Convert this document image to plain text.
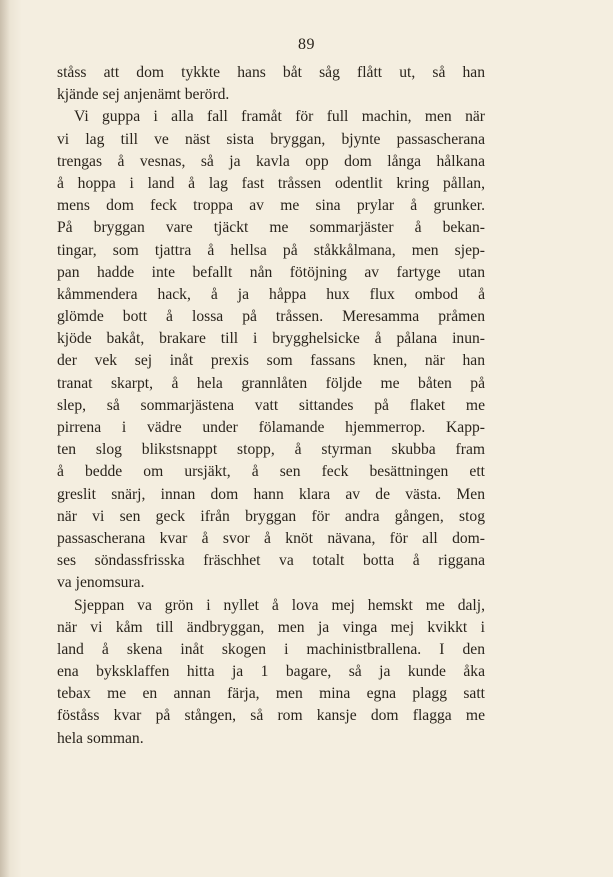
89
ståss att dom tykkte hans båt såg flått ut, så han
kjände sej anjenämt berörd.
Vi guppa i alla fall framåt för full machin, men när
vi lag till ve näst sista bryggan, bjynte passascherana
trengas å vesnas, så ja kavla opp dom långa hålkana
å hoppa i land å lag fast tråssen odentlit kring pållan,
mens dom feck troppa av me sina prylar å grunker.
På bryggan vare tjäckt me sommarjäster å bekan-
tingar, som tjattra å hellsa på ståkkålmana, men sjep-
pan hadde inte befallt nån fötöjning av fartyge utan
kåmmendera hack, å ja håppa hux flux ombod å
glömde bott å lossa på tråssen. Meresamma pråmen
kjöde bakåt, brakare till i brygghelsicke å pålana inun-
der vek sej inåt prexis som fassans knen, när han
tranat skarpt, å hela grannlåten följde me båten på
slep, så sommarjästena vatt sittandes på flaket me
pirrena i vädre under fölamande hjemmerrop. Kapp-
ten slog blikstsnappt stopp, å styrman skubba fram
å bedde om ursjäkt, å sen feck besättningen ett
greslit snärj, innan dom hann klara av de västa. Men
när vi sen geck ifrån bryggan för andra gången, stog
passascherana kvar å svor å knöt nävana, för all dom-
ses söndassfrisska fräschhet va totalt botta å riggana
va jenomsura.
Sjeppan va grön i nyllet å lova mej hemskt me dalj,
när vi kåm till ändbryggan, men ja vinga mej kvikkt i
land å skena inåt skogen i machinistbrallena. I den
ena byksklaffen hitta ja 1 bagare, så ja kunde åka
tebax me en annan färja, men mina egna plagg satt
föståss kvar på stången, så rom kansje dom flagga me
hela somman.
